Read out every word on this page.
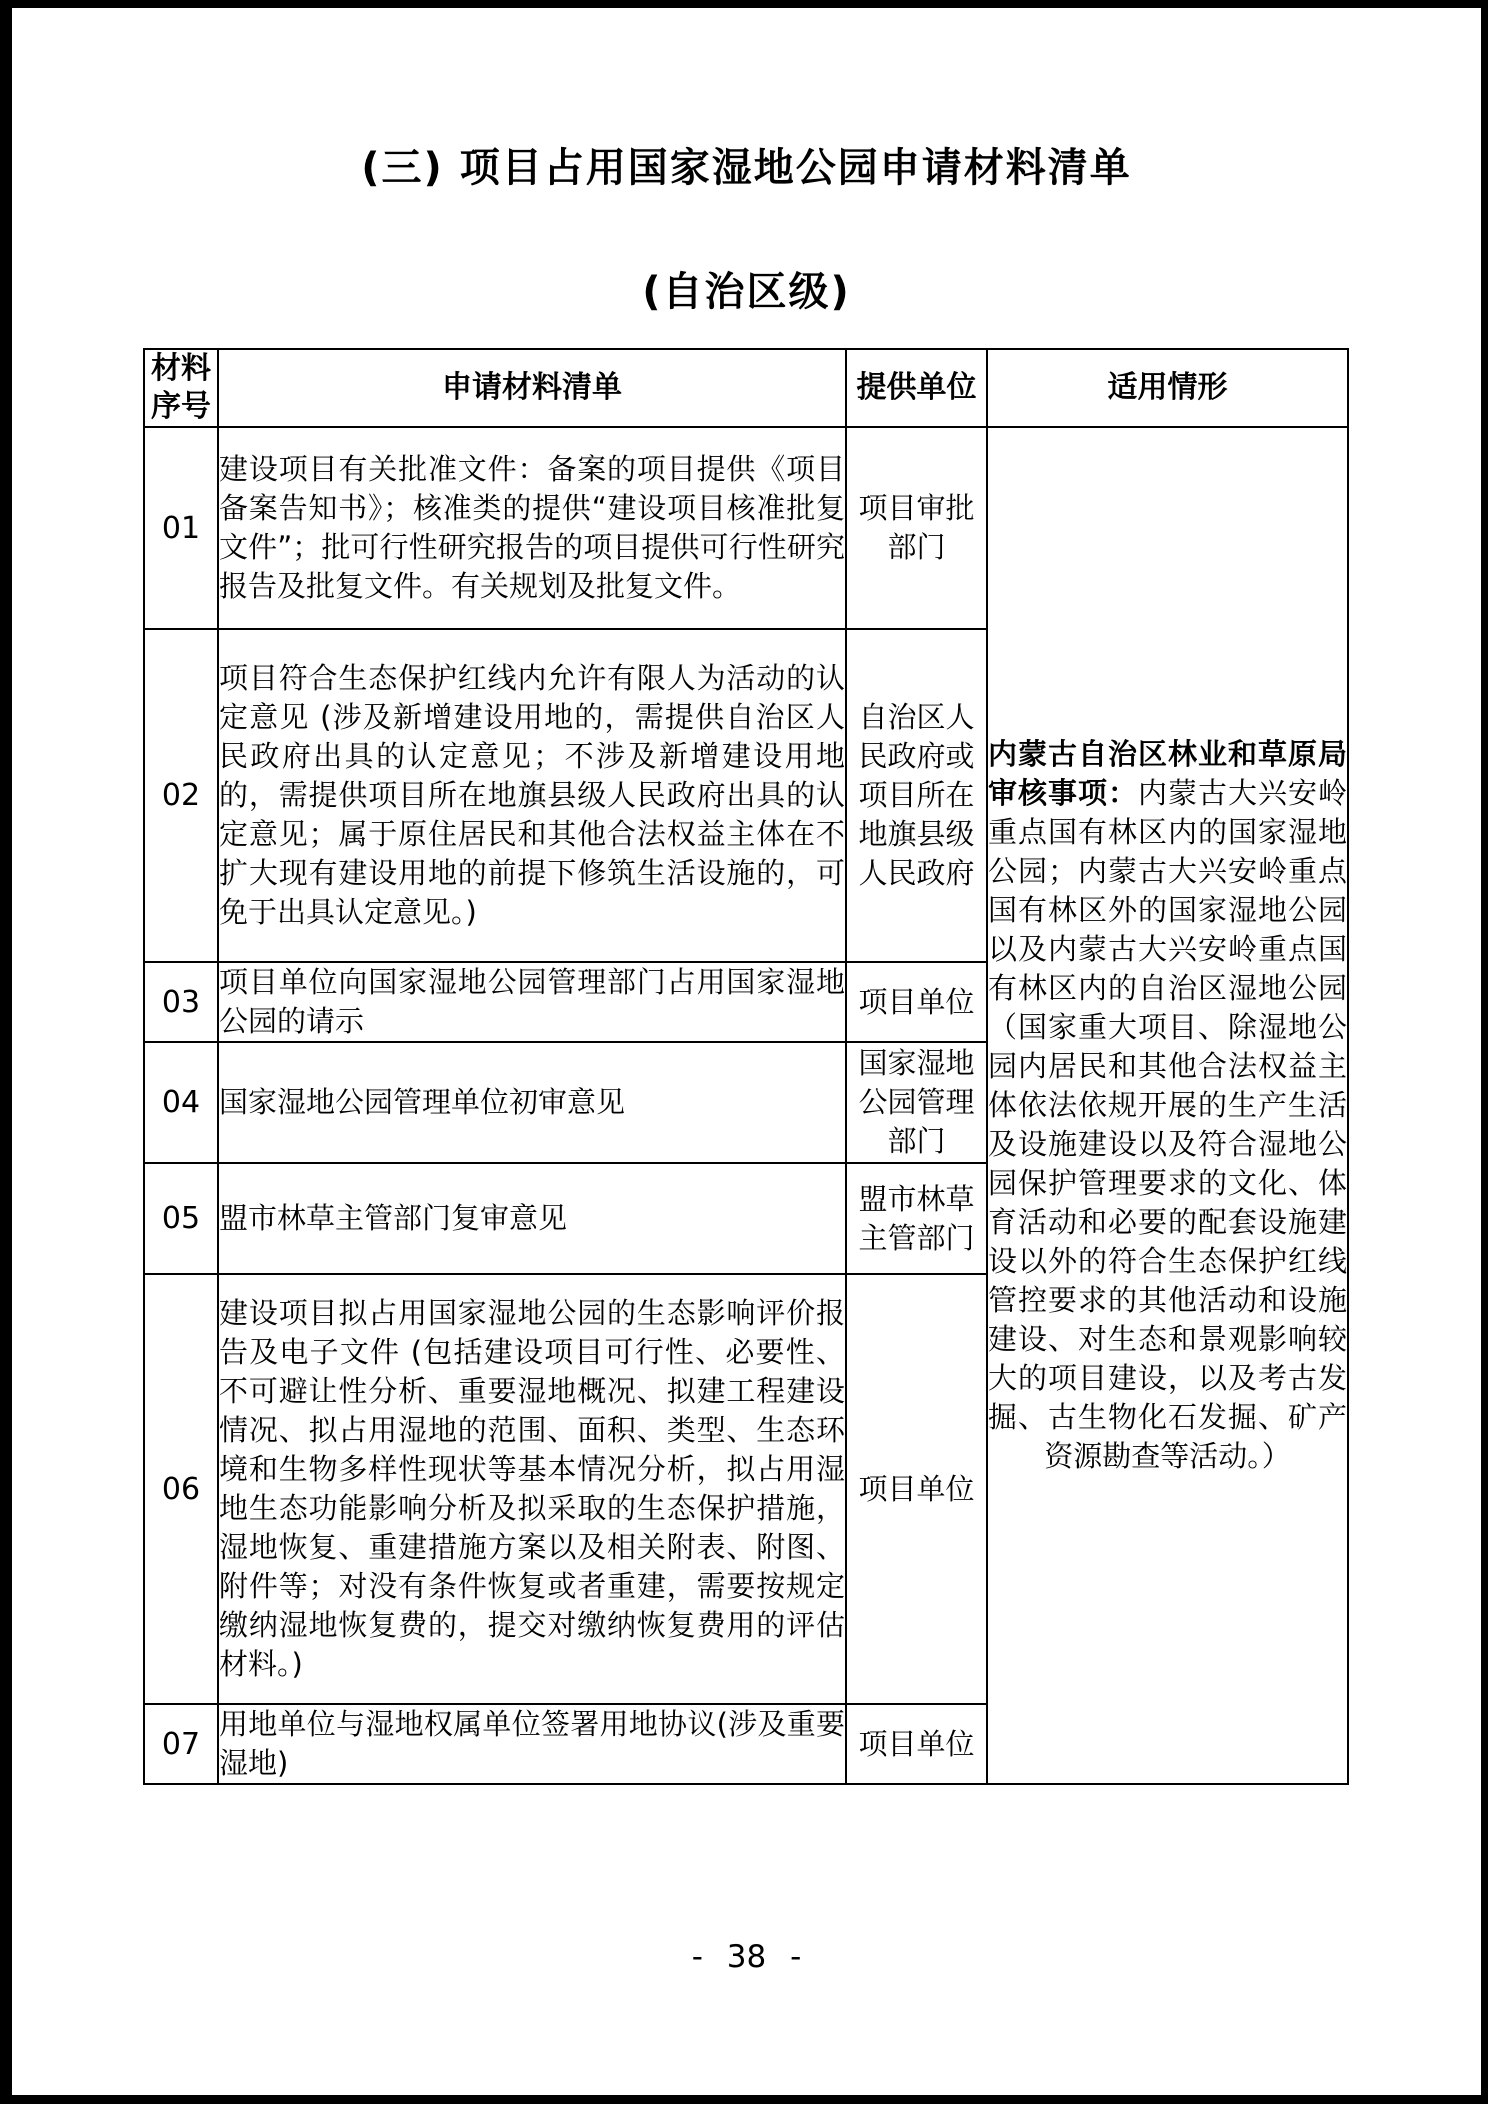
(三) 项目占用国家湿地公园申请材料清单
(自治区级)
材料序号	申请材料清单	提供单位	适用情形
01	建设项目有关批准文件：备案的项目提供《项目备案告知书》；核准类的提供“建设项目核准批复文件”；批可行性研究报告的项目提供可行性研究报告及批复文件。有关规划及批复文件。	项目审批部门	内蒙古自治区林业和草原局审核事项：内蒙古大兴安岭重点国有林区内的国家湿地公园；内蒙古大兴安岭重点国有林区外的国家湿地公园以及内蒙古大兴安岭重点国有林区内的自治区湿地公园（国家重大项目、除湿地公园内居民和其他合法权益主体依法依规开展的生产生活及设施建设以及符合湿地公园保护管理要求的文化、体育活动和必要的配套设施建设以外的符合生态保护红线管控要求的其他活动和设施建设、对生态和景观影响较大的项目建设，以及考古发掘、古生物化石发掘、矿产资源勘查等活动。）

02	项目符合生态保护红线内允许有限人为活动的认定意见 (涉及新增建设用地的，需提供自治区人民政府出具的认定意见；不涉及新增建设用地的，需提供项目所在地旗县级人民政府出具的认定意见；属于原住居民和其他合法权益主体在不扩大现有建设用地的前提下修筑生活设施的，可免于出具认定意见。)	自治区人民政府或项目所在地旗县级人民政府	
03	项目单位向国家湿地公园管理部门占用国家湿地公园的请示	项目单位	
04	国家湿地公园管理单位初审意见	国家湿地公园管理部门	
05	盟市林草主管部门复审意见	盟市林草主管部门	
06	建设项目拟占用国家湿地公园的生态影响评价报告及电子文件 (包括建设项目可行性、必要性、不可避让性分析、重要湿地概况、拟建工程建设情况、拟占用湿地的范围、面积、类型、生态环境和生物多样性现状等基本情况分析，拟占用湿地生态功能影响分析及拟采取的生态保护措施，湿地恢复、重建措施方案以及相关附表、附图、附件等；对没有条件恢复或者重建，需要按规定缴纳湿地恢复费的，提交对缴纳恢复费用的评估材料。)	项目单位	
07	用地单位与湿地权属单位签署用地协议(涉及重要湿地)	项目单位	
- 38 -
